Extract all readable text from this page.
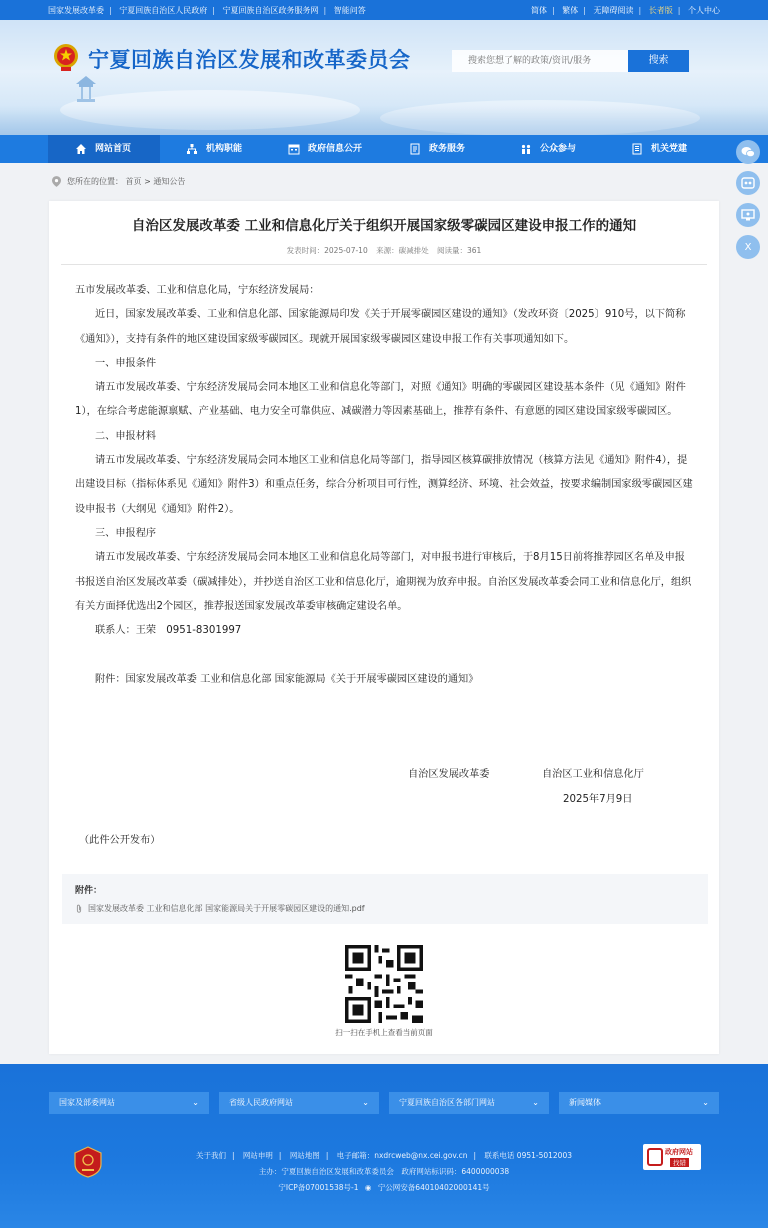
国家发展改革委 | 宁夏回族自治区人民政府 | 宁夏回族自治区政务服务网 | 智能问答	简体 | 繁体 | 无障碍阅读 | 长者版 | 个人中心
宁夏回族自治区发展和改革委员会
搜索您想了解的政策/资讯/服务	搜索
网站首页	机构职能	政府信息公开	政务服务	公众参与	机关党建
X
您所在的位置： 首页 > 通知公告
自治区发展改革委 工业和信息化厅关于组织开展国家级零碳园区建设申报工作的通知
发表时间：2025-07-10 来源：碳减排处 阅读量：361

五市发展改革委、工业和信息化局，宁东经济发展局：

近日，国家发展改革委、工业和信息化部、国家能源局印发《关于开展零碳园区建设的通知》（发改环资〔2025〕910号，以下简称《通知》），支持有条件的地区建设国家级零碳园区。现就开展国家级零碳园区建设申报工作有关事项通知如下。

一、申报条件

请五市发展改革委、宁东经济发展局会同本地区工业和信息化等部门，对照《通知》明确的零碳园区建设基本条件（见《通知》附件1），在综合考虑能源禀赋、产业基础、电力安全可靠供应、减碳潜力等因素基础上，推荐有条件、有意愿的园区建设国家级零碳园区。

二、申报材料

请五市发展改革委、宁东经济发展局会同本地区工业和信息化局等部门，指导园区核算碳排放情况（核算方法见《通知》附件4），提出建设目标（指标体系见《通知》附件3）和重点任务，综合分析项目可行性，测算经济、环境、社会效益，按要求编制国家级零碳园区建设申报书（大纲见《通知》附件2）。

三、申报程序

请五市发展改革委、宁东经济发展局会同本地区工业和信息化局等部门，对申报书进行审核后，于8月15日前将推荐园区名单及申报书报送自治区发展改革委（碳减排处），并抄送自治区工业和信息化厅，逾期视为放弃申报。自治区发展改革委会同工业和信息化厅，组织有关方面择优选出2个园区，推荐报送国家发展改革委审核确定建设名单。

联系人：王荣　0951-8301997

附件：国家发展改革委 工业和信息化部 国家能源局《关于开展零碳园区建设的通知》

自治区发展改革委	自治区工业和信息化厅
2025年7月9日
（此件公开发布）
附件：
国家发展改革委 工业和信息化部 国家能源局关于开展零碳园区建设的通知.pdf
扫一扫在手机上查看当前页面
国家及部委网站	⌄	省级人民政府网站	⌄	宁夏回族自治区各部门网站	⌄	新闻媒体	⌄
关于我们 | 网站申明 | 网站地图 | 电子邮箱：nxdrcweb@nx.cei.gov.cn | 联系电话 0951-5012003
主办：宁夏回族自治区发展和改革委员会　政府网站标识码：6400000038
宁ICP备07001538号-1 ◉ 宁公网安备64010402000141号
政府网站
找错
